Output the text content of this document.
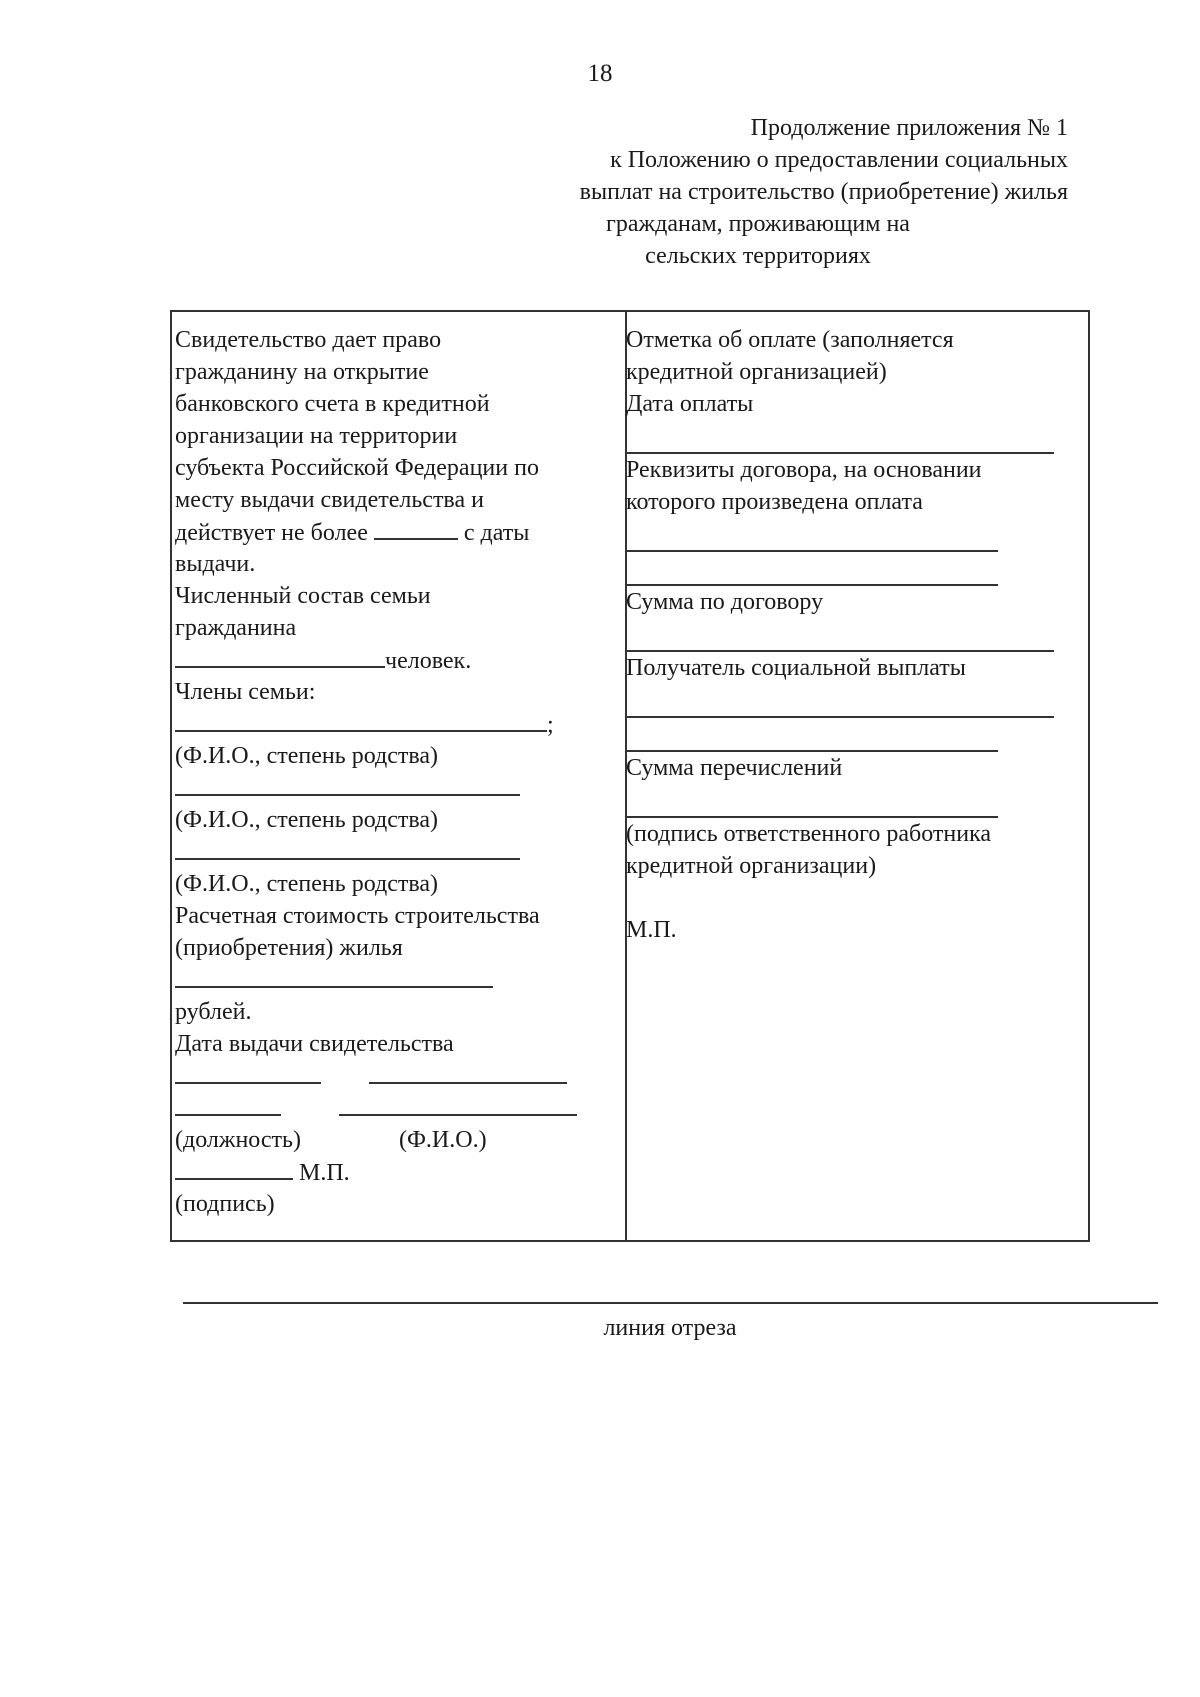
18
Продолжение приложения № 1
к Положению о предоставлении социальных
выплат на строительство (приобретение) жилья
гражданам, проживающим на
сельских территориях
Свидетельство дает право
гражданину на открытие
банковского счета в кредитной
организации на территории
субъекта Российской Федерации по
месту выдачи свидетельства и
действует не более	с даты
выдачи.
Численный состав семьи
гражданина
человек.
Члены семьи:
;
(Ф.И.О., степень родства)
(Ф.И.О., степень родства)
(Ф.И.О., степень родства)
Расчетная стоимость строительства
(приобретения) жилья
рублей.
Дата выдачи свидетельства

(должность)	(Ф.И.О.)
М.П.
(подпись)
Отметка об оплате (заполняется
кредитной организацией)
Дата оплаты
Реквизиты договора, на основании
которого произведена оплата
Сумма по договору
Получатель социальной выплаты
Сумма перечислений
(подпись ответственного работника
кредитной организации)
М.П.
линия отреза
